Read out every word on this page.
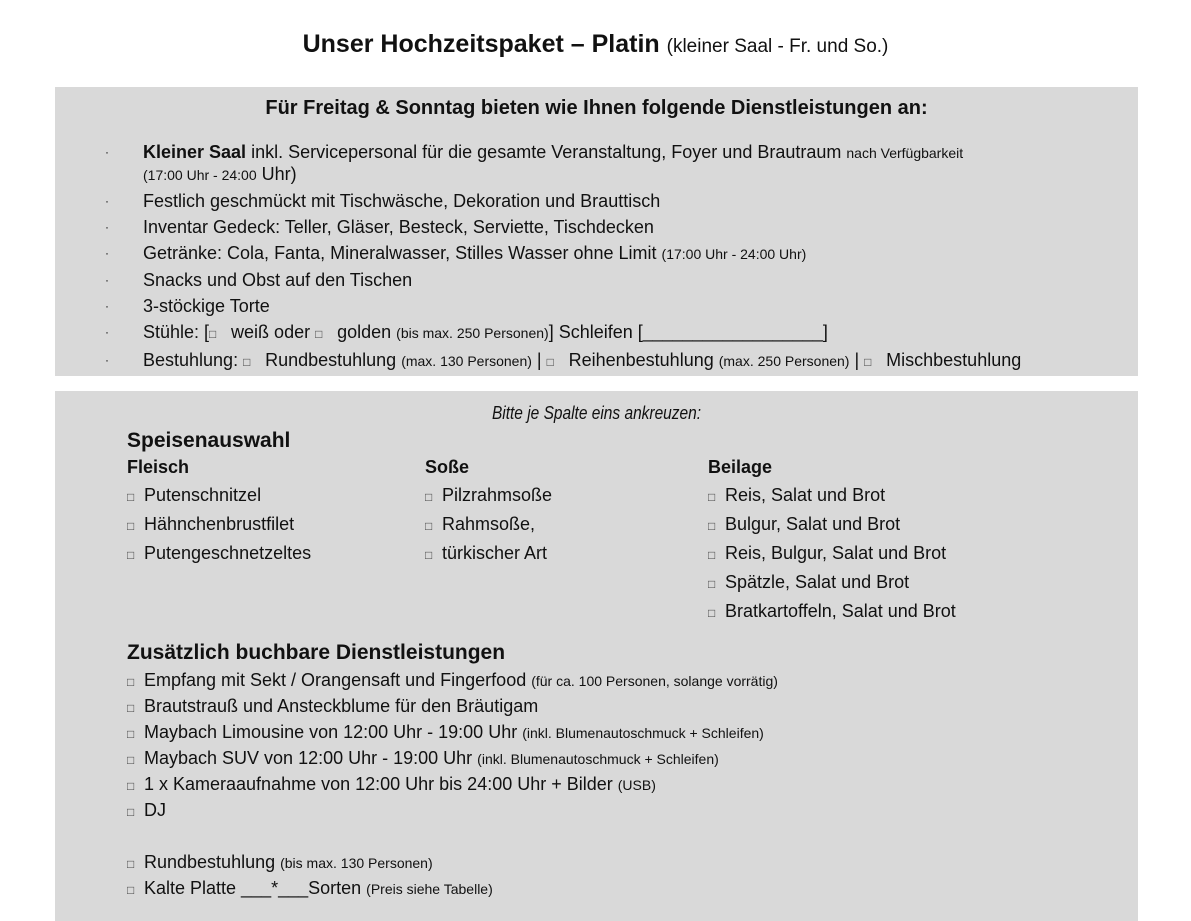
Unser Hochzeitspaket – Platin (kleiner Saal - Fr. und So.)
Für Freitag & Sonntag bieten wie Ihnen folgende Dienstleistungen an:
· Kleiner Saal inkl. Servicepersonal für die gesamte Veranstaltung, Foyer und Brautraum nach Verfügbarkeit
(17:00 Uhr - 24:00 Uhr)
· Festlich geschmückt mit Tischwäsche, Dekoration und Brauttisch
· Inventar Gedeck: Teller, Gläser, Besteck, Serviette, Tischdecken
· Getränke: Cola, Fanta, Mineralwasser, Stilles Wasser ohne Limit (17:00 Uhr - 24:00 Uhr)
· Snacks und Obst auf den Tischen
· 3-stöckige Torte
· Stühle: [□ weiß oder □ golden (bis max. 250 Personen)] Schleifen [__________________]
· Bestuhlung: □ Rundbestuhlung (max. 130 Personen) | □ Reihenbestuhlung (max. 250 Personen) | □ Mischbestuhlung
Bitte je Spalte eins ankreuzen:
Speisenauswahl
Fleisch
□ Putenschnitzel
□ Hähnchenbrustfilet
□ Putengeschnetzeltes
Soße
□ Pilzrahmsoße
□ Rahmsoße,
□ türkischer Art
Beilage
□ Reis, Salat und Brot
□ Bulgur, Salat und Brot
□ Reis, Bulgur, Salat und Brot
□ Spätzle, Salat und Brot
□ Bratkartoffeln, Salat und Brot
Zusätzlich buchbare Dienstleistungen
□ Empfang mit Sekt / Orangensaft und Fingerfood (für ca. 100 Personen, solange vorrätig)
□ Brautstrauß und Ansteckblume für den Bräutigam
□ Maybach Limousine von 12:00 Uhr - 19:00 Uhr (inkl. Blumenautoschmuck + Schleifen)
□ Maybach SUV von 12:00 Uhr - 19:00 Uhr (inkl. Blumenautoschmuck + Schleifen)
□ 1 x Kameraaufnahme von 12:00 Uhr bis 24:00 Uhr + Bilder (USB)
□ DJ
□ Rundbestuhlung (bis max. 130 Personen)
□ Kalte Platte ___*___Sorten (Preis siehe Tabelle)
